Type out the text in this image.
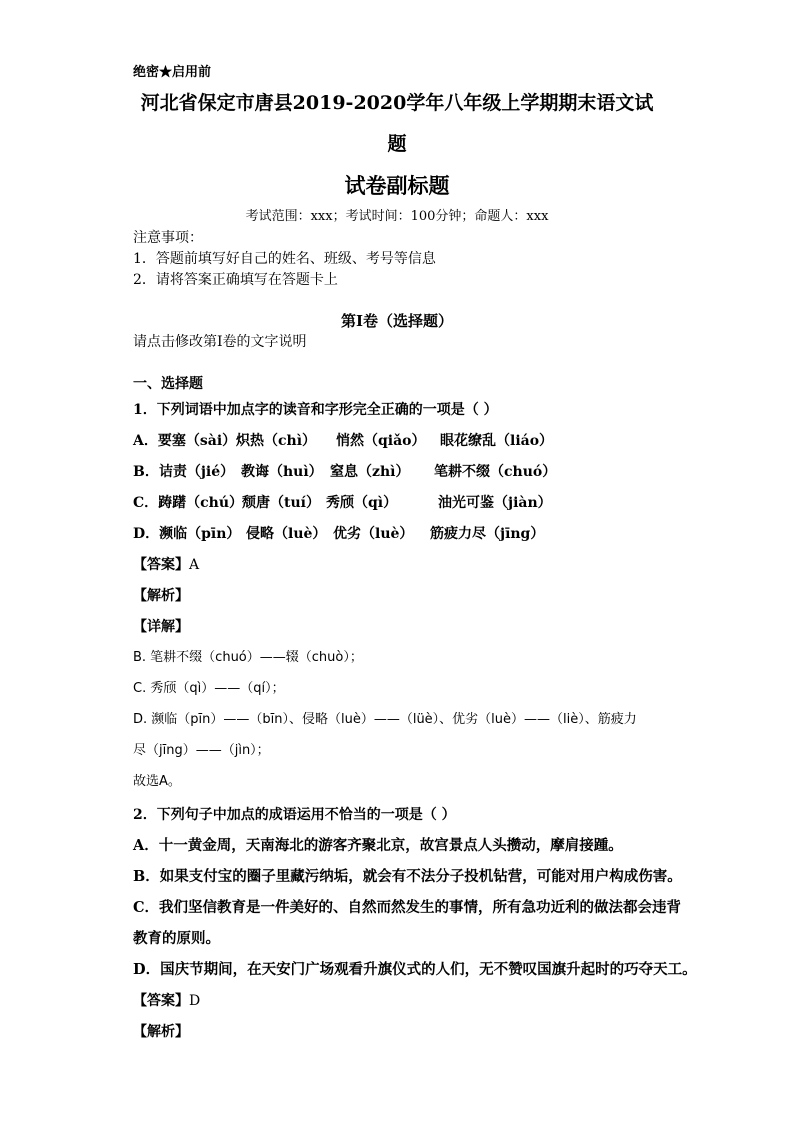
绝密★启用前
河北省保定市唐县2019-2020学年八年级上学期期末语文试
题
试卷副标题
考试范围：xxx；考试时间：100分钟；命题人：xxx
注意事项：
1．答题前填写好自己的姓名、班级、考号等信息
2．请将答案正确填写在答题卡上
第I卷（选择题）
请点击修改第I卷的文字说明
一、选择题
1．下列词语中加点字的读音和字形完全正确的一项是（ ）
A．要塞（sài）炽热（chì） 悄然（qiǎo） 眼花缭乱（liáo）
B．诘责（jié） 教诲（huì） 窒息（zhì） 笔耕不缀（chuó）
C．踌躇（chú）颓唐（tuí） 秀颀（qì）	油光可鉴（jiàn）
D．濒临（pīn） 侵略（luè） 优劣（luè） 筋疲力尽（jīng）
【答案】A
【解析】
【详解】
B. 笔耕不缀（chuó）——辍（chuò）；
C. 秀颀（qì）——（qí）；
D. 濒临（pīn）——（bīn）、侵略（luè）——（lüè）、优劣（luè）——（liè）、筋疲力
尽（jīng）——（jìn）；
故选A。
2．下列句子中加点的成语运用不恰当的一项是（ ）
A．十一黄金周，天南海北的游客齐聚北京，故宫景点人头攒动，摩肩接踵。
B．如果支付宝的圈子里藏污纳垢，就会有不法分子投机钻营，可能对用户构成伤害。
C．我们坚信教育是一件美好的、自然而然发生的事情，所有急功近利的做法都会违背
教育的原则。
D．国庆节期间，在天安门广场观看升旗仪式的人们，无不赞叹国旗升起时的巧夺天工。
【答案】D
【解析】
